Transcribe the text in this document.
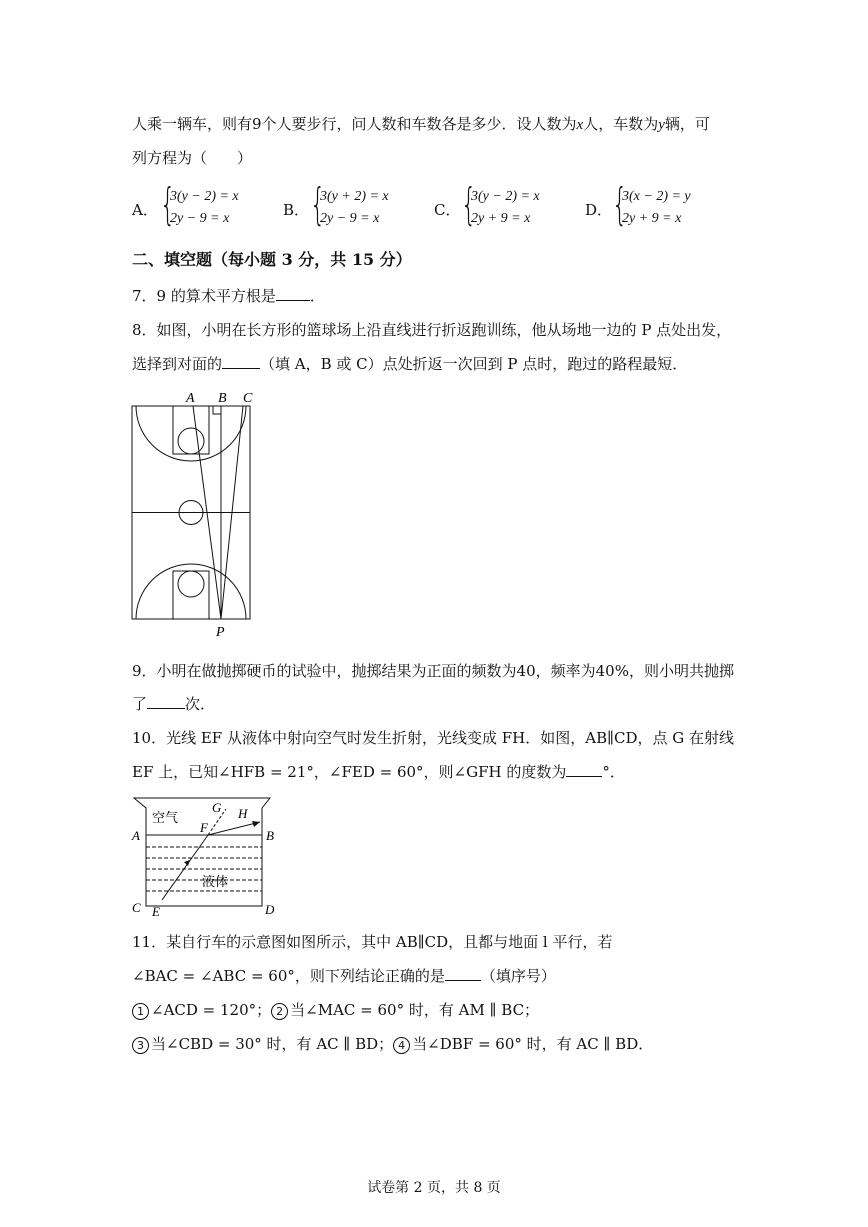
人乘一辆车，则有9个人要步行，问人数和车数各是多少．设人数为x人，车数为y辆，可
列方程为（　　）
A． {
3(y − 2) = x
2y − 9 = x	B． {
3(y + 2) = x
2y − 9 = x	C． {
3(y − 2) = x
2y + 9 = x	D． {
3(x − 2) = y
2y + 9 = x
二、填空题（每小题 3 分，共 15 分）
7．9 的算术平方根是 ．
8．如图，小明在长方形的篮球场上沿直线进行折返跑训练，他从场地一边的 P 点处出发，
选择到对面的	（填 A，B 或 C）点处折返一次回到 P 点时，跑过的路程最短．
A B C
P
9．小明在做抛掷硬币的试验中，抛掷结果为正面的频数为40，频率为40%，则小明共抛掷
了	次．
10．光线 EF 从液体中射向空气时发生折射，光线变成 FH．如图，AB∥CD，点 G 在射线
EF 上，已知∠HFB = 21°，∠FED = 60°，则∠GFH 的度数为 °．
空气
液体
A	B
C	D
E
F
G H
11．某自行车的示意图如图所示，其中 AB∥CD，且都与地面 l 平行，若
∠BAC = ∠ABC = 60°，则下列结论正确的是 （填序号）
1 ∠ACD = 120°； 2 当∠MAC = 60° 时，有 AM ∥ BC；
3 当∠CBD = 30° 时，有 AC ∥ BD； 4 当∠DBF = 60° 时，有 AC ∥ BD．
试卷第 2 页，共 8 页
